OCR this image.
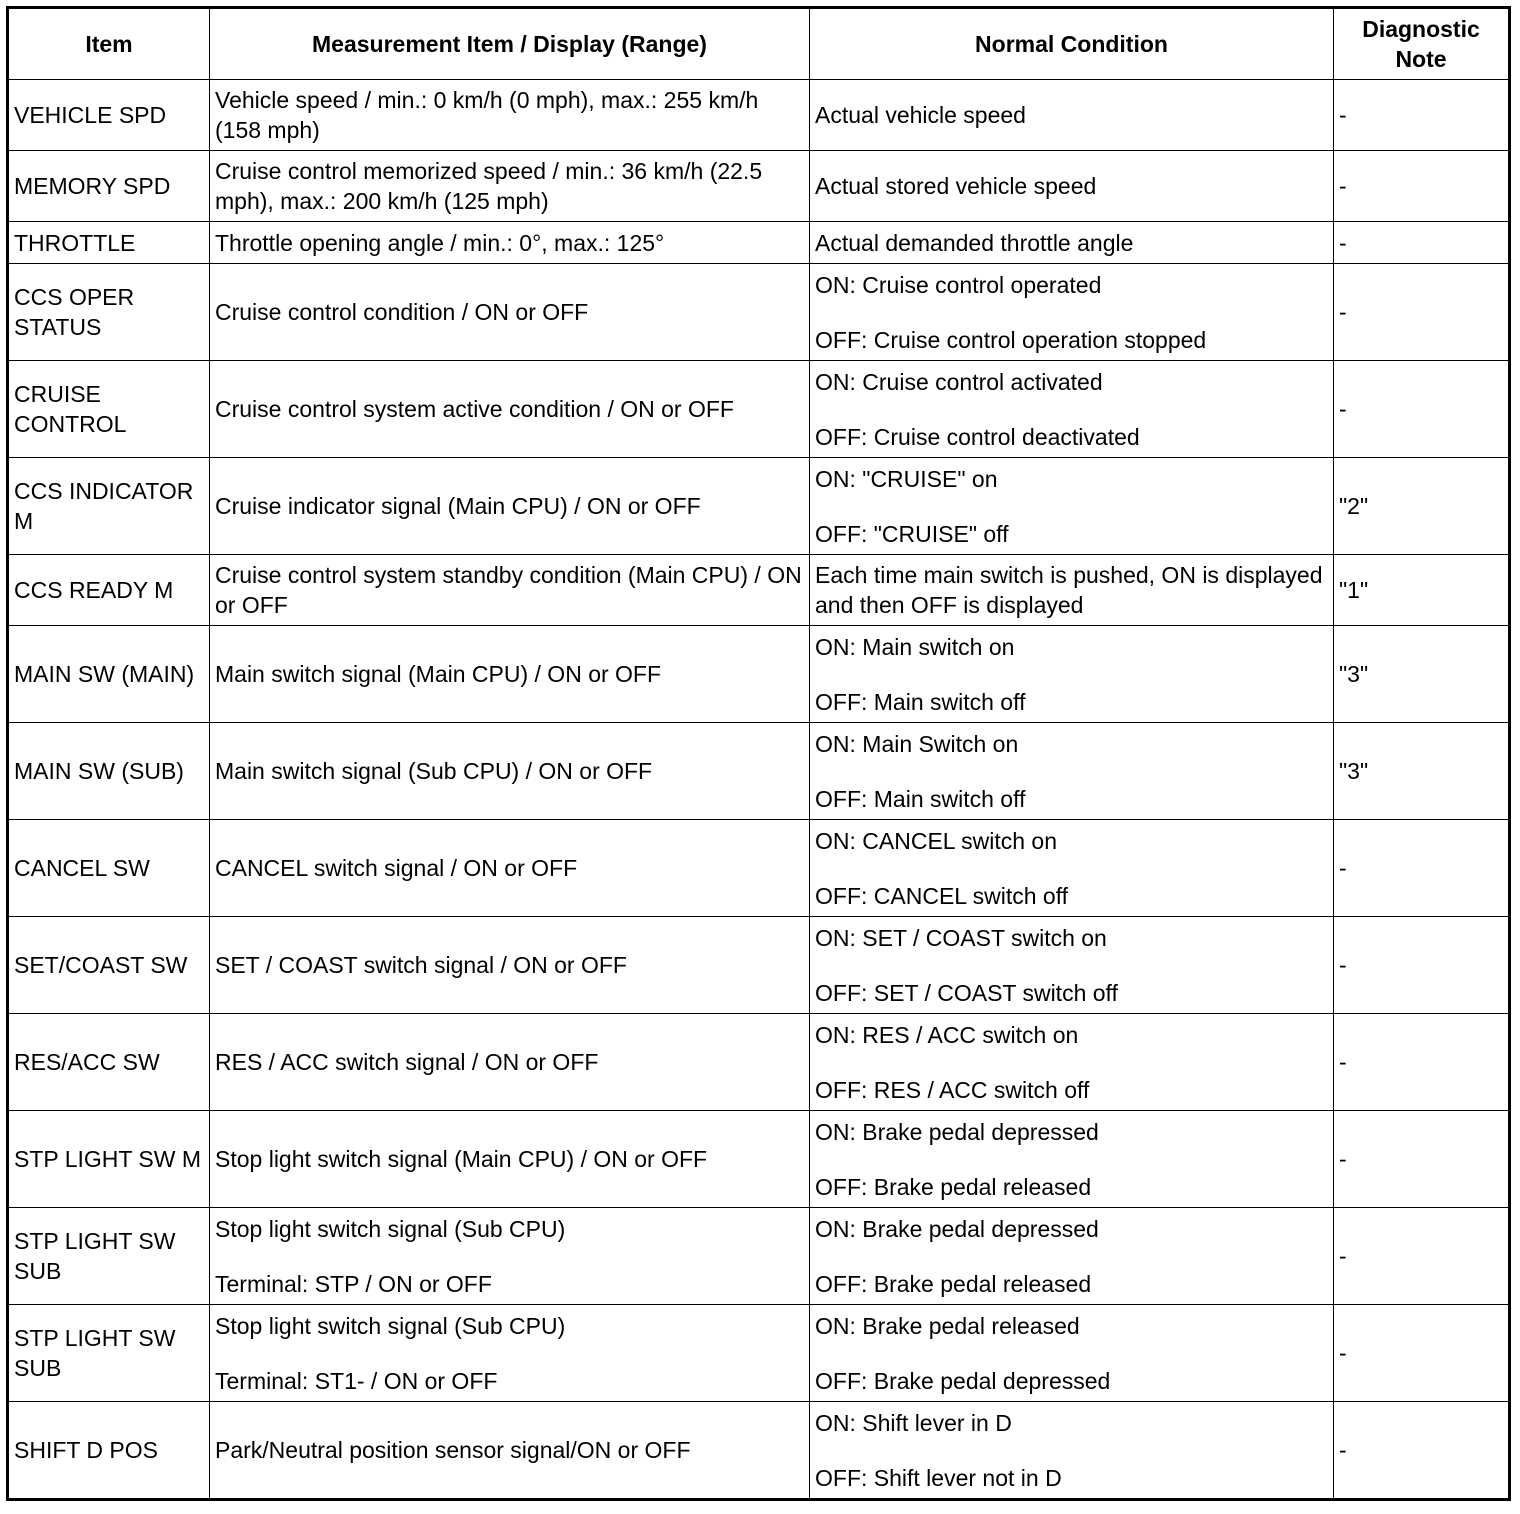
Item	Measurement Item / Display (Range)	Normal Condition	Diagnostic Note
VEHICLE SPD	Vehicle speed / min.: 0 km/h (0 mph), max.: 255 km/h (158 mph)	Actual vehicle speed	-
MEMORY SPD	Cruise control memorized speed / min.: 36 km/h (22.5 mph), max.: 200 km/h (125 mph)	Actual stored vehicle speed	-
THROTTLE	Throttle opening angle / min.: 0°, max.: 125°	Actual demanded throttle angle	-
CCS OPER STATUS	Cruise control condition / ON or OFF	ON: Cruise control operated
OFF: Cruise control operation stopped	-
CRUISE CONTROL	Cruise control system active condition / ON or OFF	ON: Cruise control activated
OFF: Cruise control deactivated	-
CCS INDICATOR M	Cruise indicator signal (Main CPU) / ON or OFF	ON: "CRUISE" on
OFF: "CRUISE" off	"2"
CCS READY M	Cruise control system standby condition (Main CPU) / ON or OFF	Each time main switch is pushed, ON is displayed and then OFF is displayed	"1"
MAIN SW (MAIN)	Main switch signal (Main CPU) / ON or OFF	ON: Main switch on
OFF: Main switch off	"3"
MAIN SW (SUB)	Main switch signal (Sub CPU) / ON or OFF	ON: Main Switch on
OFF: Main switch off	"3"
CANCEL SW	CANCEL switch signal / ON or OFF	ON: CANCEL switch on
OFF: CANCEL switch off	-
SET/COAST SW	SET / COAST switch signal / ON or OFF	ON: SET / COAST switch on
OFF: SET / COAST switch off	-
RES/ACC SW	RES / ACC switch signal / ON or OFF	ON: RES / ACC switch on
OFF: RES / ACC switch off	-
STP LIGHT SW M	Stop light switch signal (Main CPU) / ON or OFF	ON: Brake pedal depressed
OFF: Brake pedal released	-
STP LIGHT SW SUB	Stop light switch signal (Sub CPU)
Terminal: STP / ON or OFF	ON: Brake pedal depressed
OFF: Brake pedal released	-
STP LIGHT SW SUB	Stop light switch signal (Sub CPU)
Terminal: ST1- / ON or OFF	ON: Brake pedal released
OFF: Brake pedal depressed	-
SHIFT D POS	Park/Neutral position sensor signal/ON or OFF	ON: Shift lever in D
OFF: Shift lever not in D	-
